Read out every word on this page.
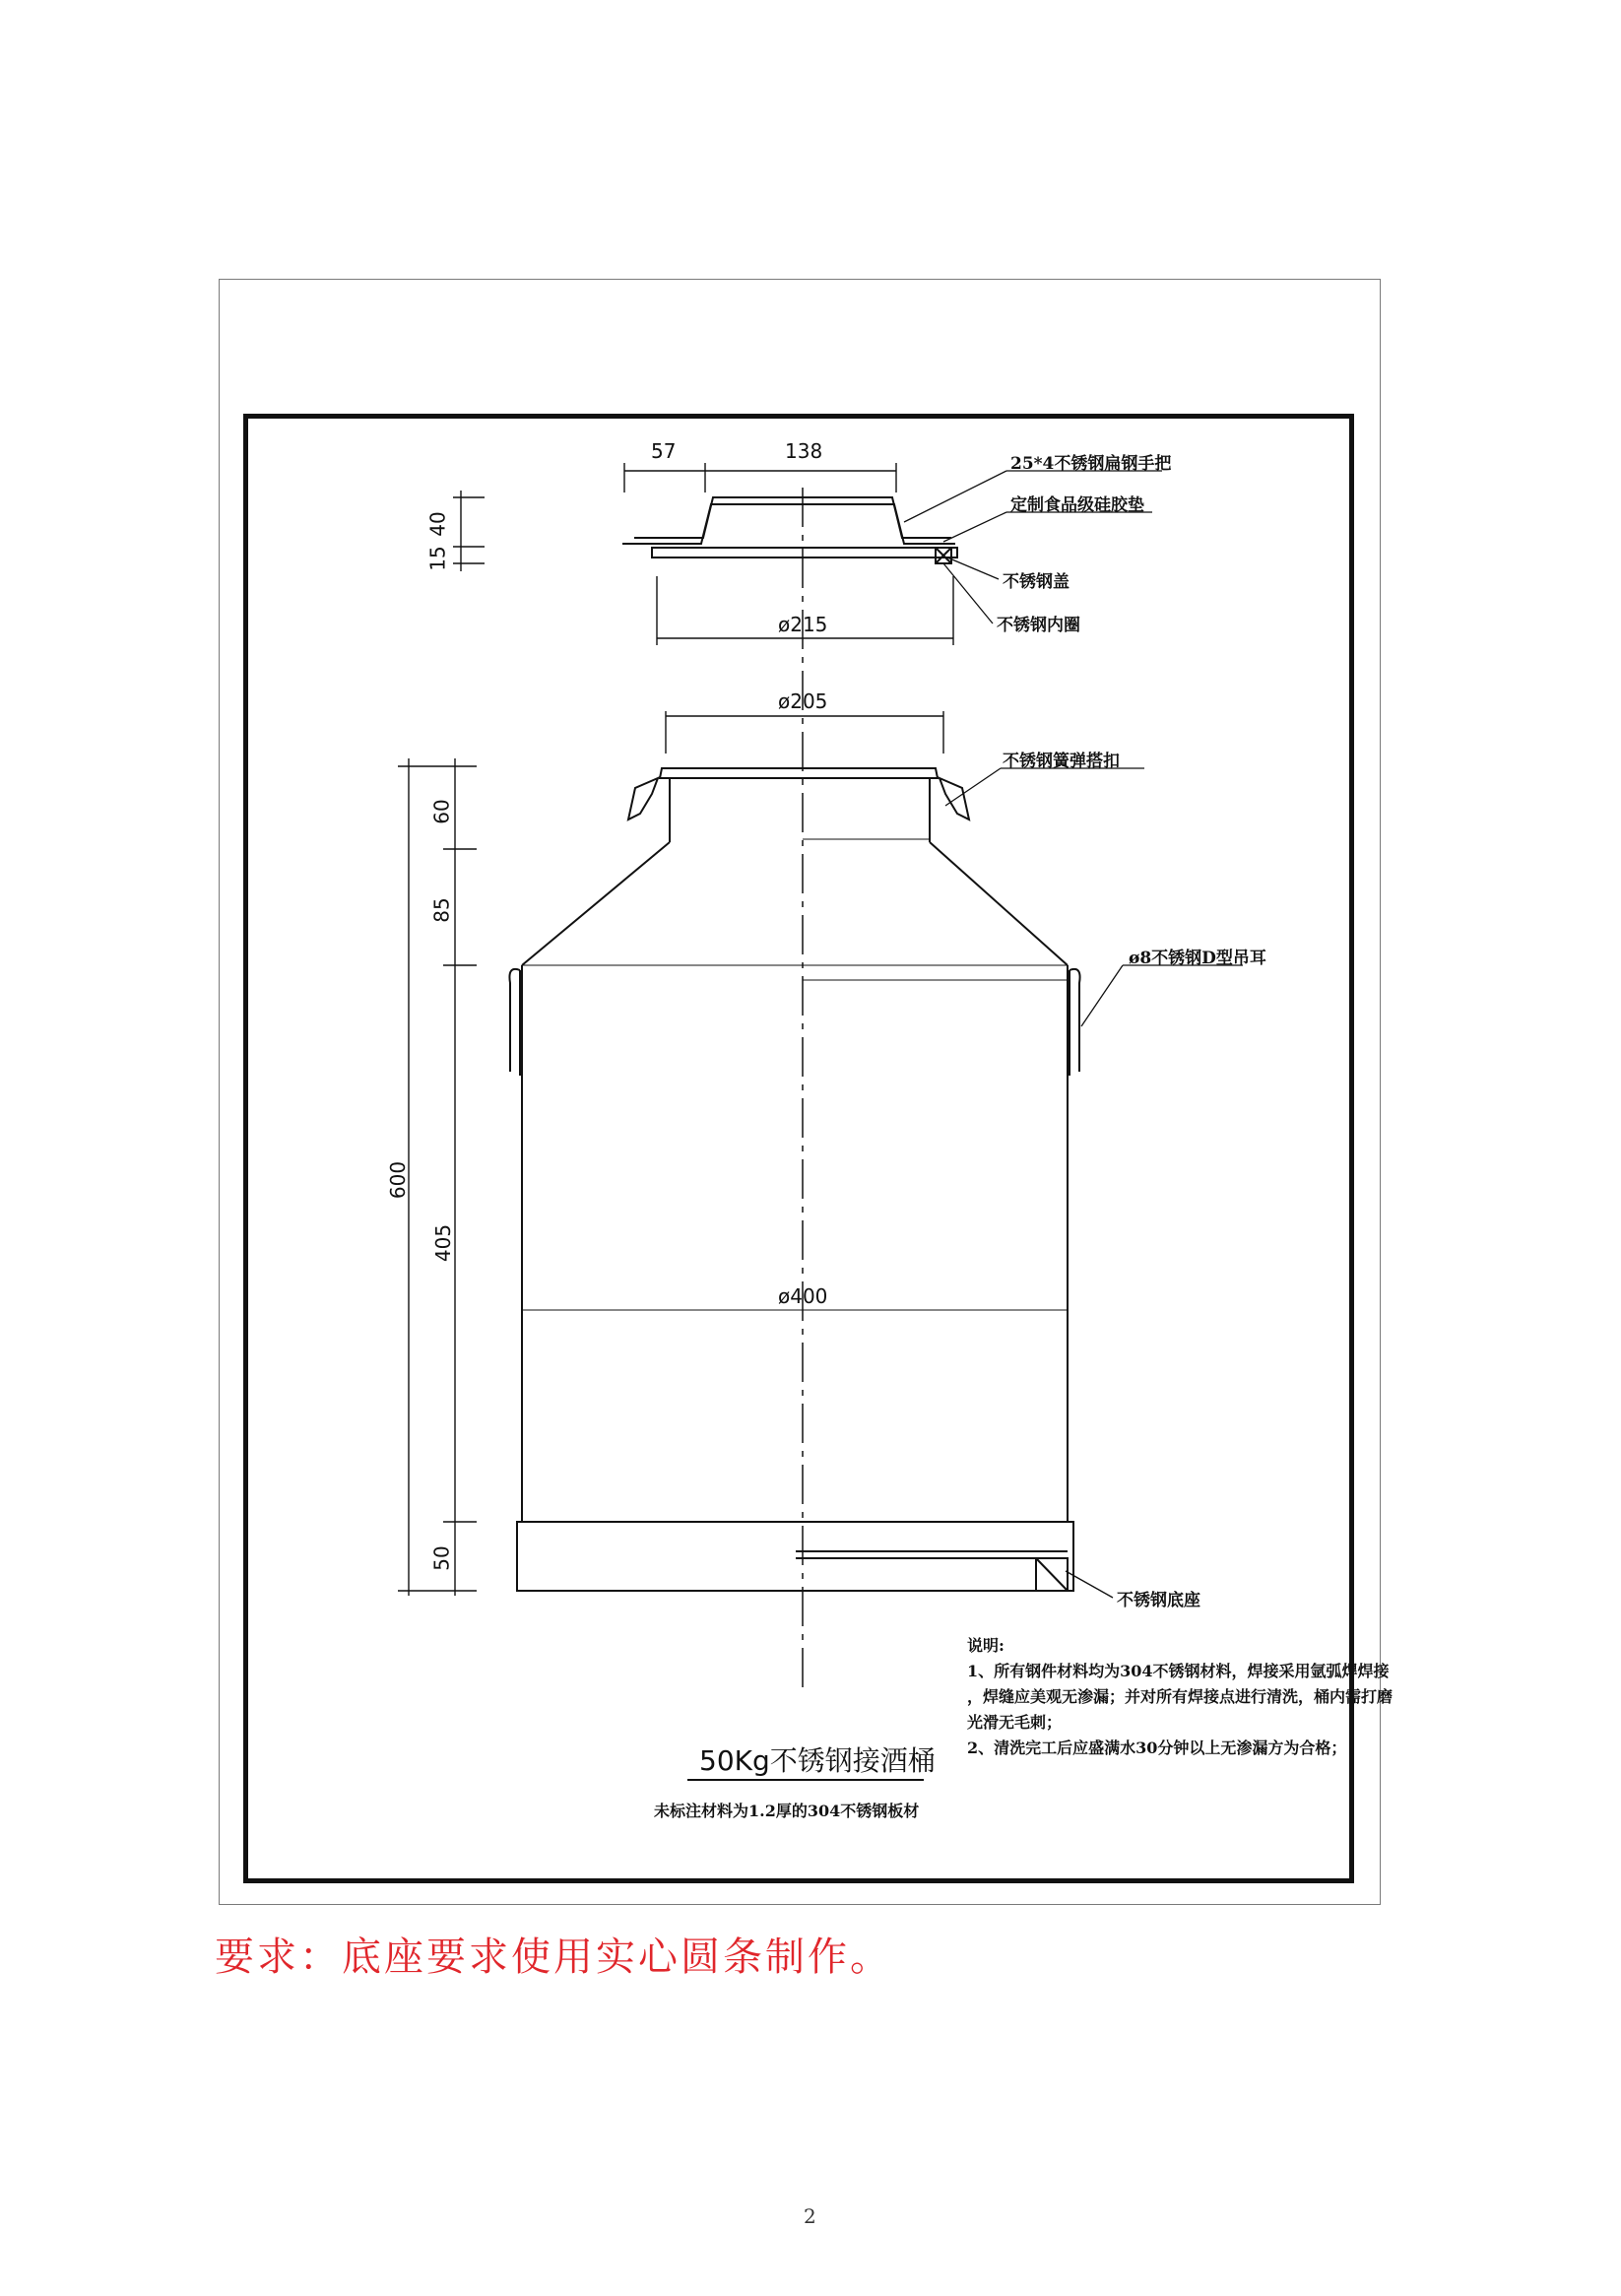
57	138
40
15
ø215
ø205
60
85
600
405
50
ø400
25*4不锈钢扁钢手把
定制食品级硅胶垫
不锈钢盖
不锈钢内圈
不锈钢簧弹搭扣
ø8不锈钢D型吊耳
不锈钢底座
说明:
1、所有钢件材料均为304不锈钢材料，焊接采用氩弧焊焊接
，焊缝应美观无渗漏；并对所有焊接点进行清洗，桶内需打磨
光滑无毛刺；
2、清洗完工后应盛满水30分钟以上无渗漏方为合格；
50Kg不锈钢接酒桶
未标注材料为1.2厚的304不锈钢板材
要求：底座要求使用实心圆条制作。
2
